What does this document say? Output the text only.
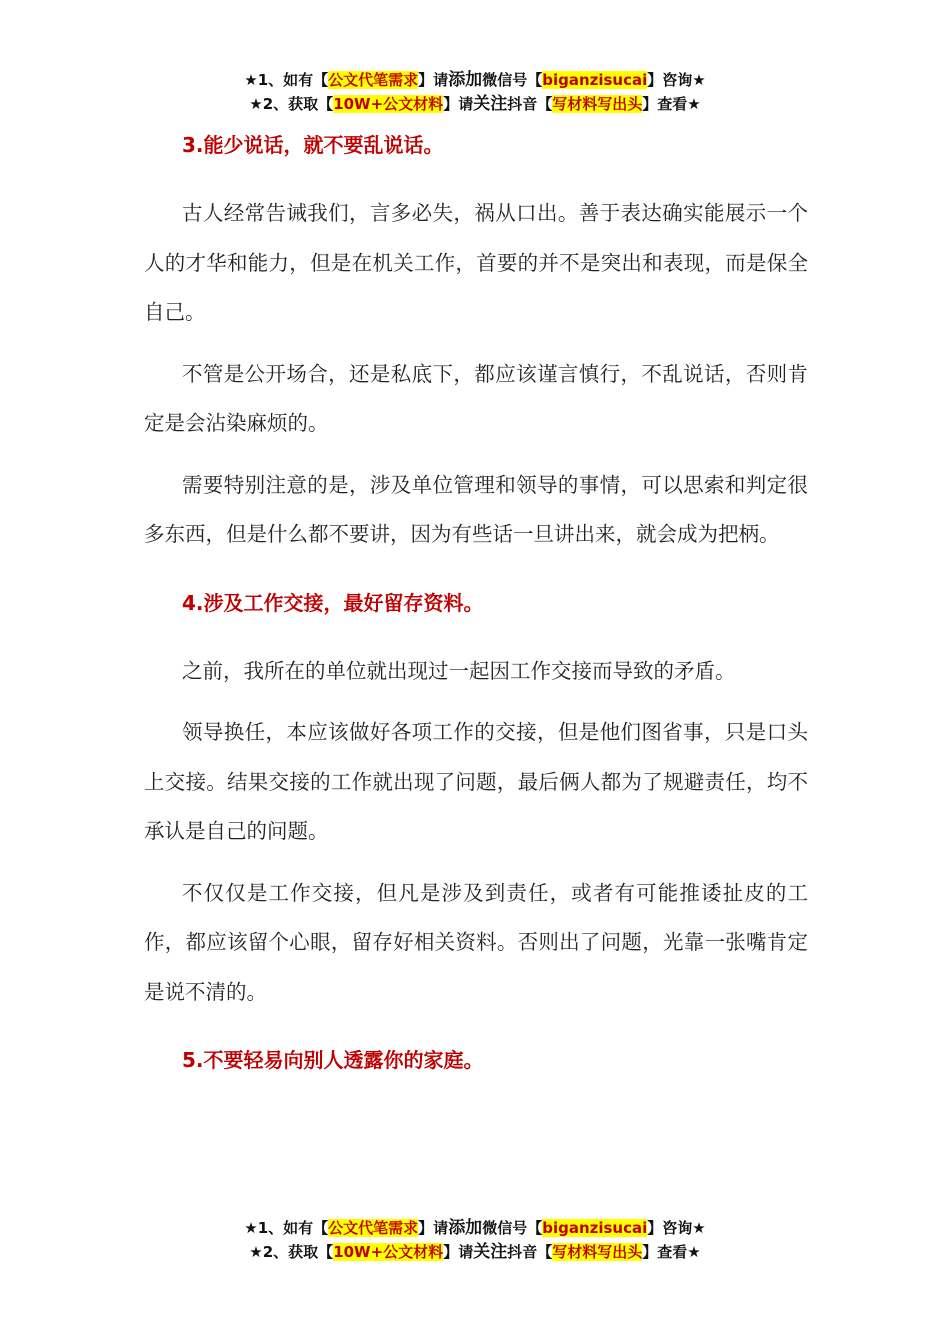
★1、如有【公文代笔需求】请添加微信号【biganzisucai】咨询★
★2、获取【10W+公文材料】请关注抖音【写材料写出头】查看★
3.能少说话，就不要乱说话。

古人经常告诫我们，言多必失，祸从口出。善于表达确实能展示一个人的才华和能力，但是在机关工作，首要的并不是突出和表现，而是保全自己。

不管是公开场合，还是私底下，都应该谨言慎行，不乱说话，否则肯定是会沾染麻烦的。

需要特别注意的是，涉及单位管理和领导的事情，可以思索和判定很多东西，但是什么都不要讲，因为有些话一旦讲出来，就会成为把柄。

4.涉及工作交接，最好留存资料。

之前，我所在的单位就出现过一起因工作交接而导致的矛盾。

领导换任，本应该做好各项工作的交接，但是他们图省事，只是口头上交接。结果交接的工作就出现了问题，最后俩人都为了规避责任，均不承认是自己的问题。

不仅仅是工作交接，但凡是涉及到责任，或者有可能推诿扯皮的工作，都应该留个心眼，留存好相关资料。否则出了问题，光靠一张嘴肯定是说不清的。

5.不要轻易向别人透露你的家庭。
★1、如有【公文代笔需求】请添加微信号【biganzisucai】咨询★
★2、获取【10W+公文材料】请关注抖音【写材料写出头】查看★
